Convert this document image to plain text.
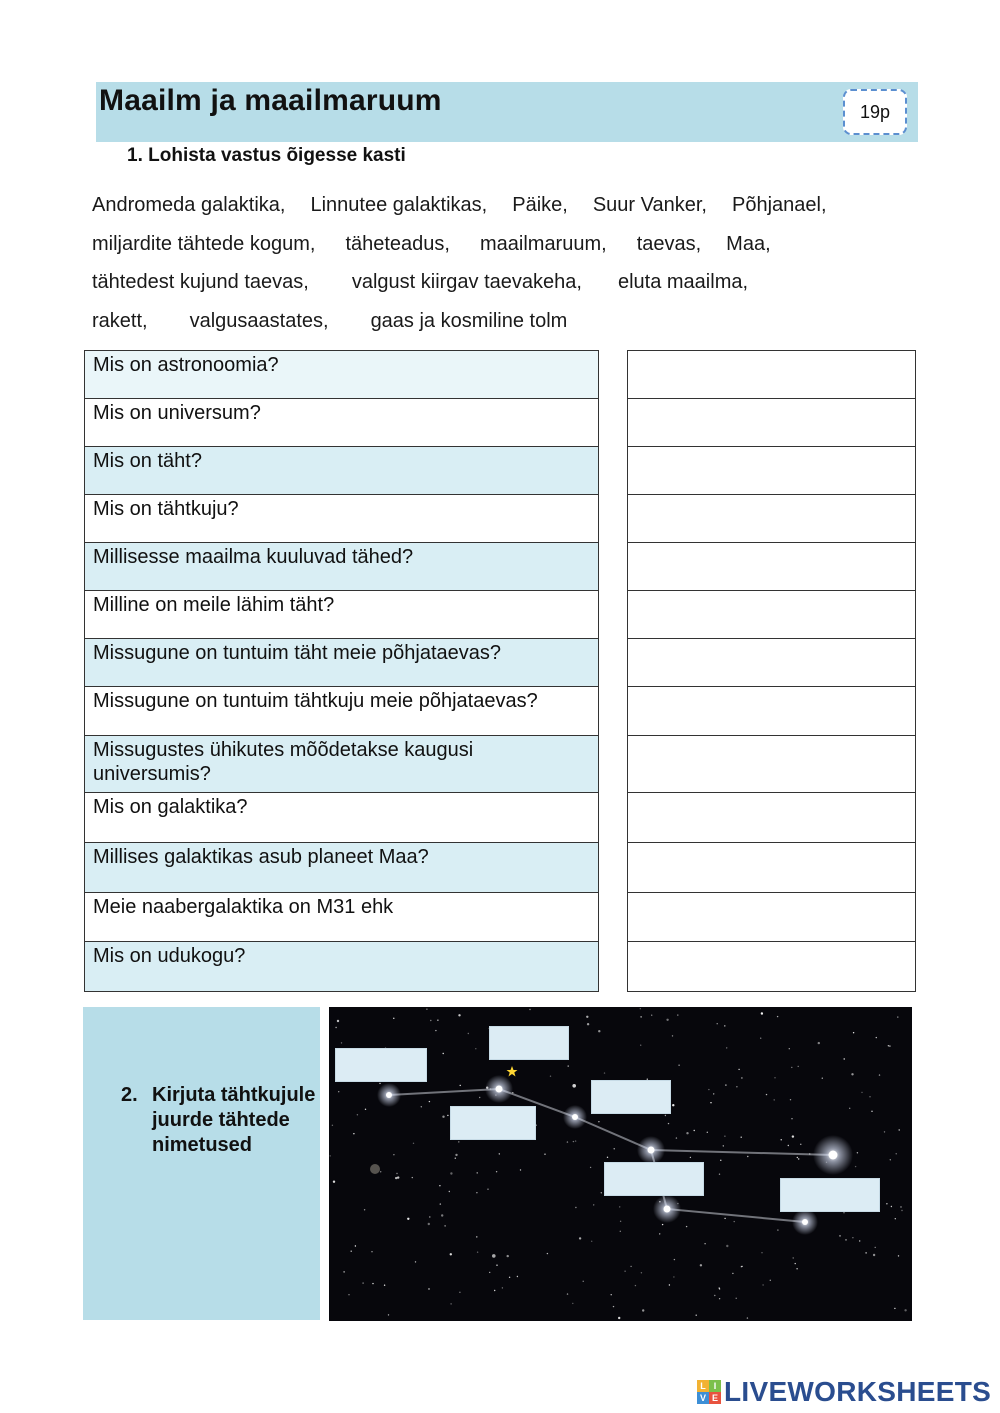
Maailm ja maailmaruum	19p
1. Lohista vastus õigesse kasti
Andromeda galaktika, Linnutee galaktikas, Päike, Suur Vanker, Põhjanael,
miljardite tähtede kogum, täheteadus, maailmaruum, taevas, Maa,
tähtedest kujund taevas, valgust kiirgav taevakeha, eluta maailma,
rakett, valgusaastates, gaas ja kosmiline tolm
Mis on astronoomia?
Mis on universum?
Mis on täht?
Mis on tähtkuju?
Millisesse maailma kuuluvad tähed?
Milline on meile lähim täht?
Missugune on tuntuim täht meie põhjataevas?
Missugune on tuntuim tähtkuju meie põhjataevas?
Missugustes ühikutes mõõdetakse kaugusi universumis?
Mis on galaktika?
Millises galaktikas asub planeet Maa?
Meie naabergalaktika on M31 ehk
Mis on udukogu?
2. Kirjuta tähtkujule juurde tähtede nimetused
L I
V E LIVEWORKSHEETS
